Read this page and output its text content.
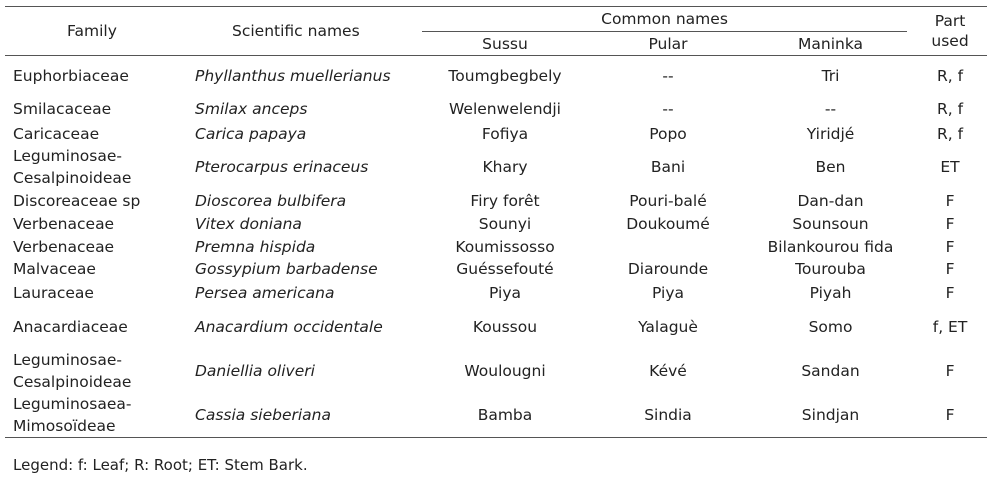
Family	Scientific names	Common names			Part
used

		Sussu	Pular	Maninka	

Euphorbiaceae	Phyllanthus muellerianus	Toumgbegbely	--	Tri	R, f

Smilacaceae	Smilax anceps	Welenwelendji	--	--	R, f

Caricaceae	Carica papaya	Fofiya	Popo	Yiridjé	R, f

Leguminosae-
Cesalpinoideae	Pterocarpus erinaceus	Khary	Bani	Ben	ET

Discoreaceae sp	Dioscorea bulbifera	Firy forêt	Pouri-balé	Dan-dan	F

Verbenaceae	Vitex doniana	Sounyi	Doukoumé	Sounsoun	F

Verbenaceae	Premna hispida	Koumissosso		Bilankourou fida	F

Malvaceae	Gossypium barbadense	Guéssefouté	Diarounde	Tourouba	F

Lauraceae	Persea americana	Piya	Piya	Piyah	F

Anacardiaceae	Anacardium occidentale	Koussou	Yalaguè	Somo	f, ET

Leguminosae-
Cesalpinoideae	Daniellia oliveri	Woulougni	Kévé	Sandan	F

Leguminosaea-
Mimosoïdeae	Cassia sieberiana	Bamba	Sindia	Sindjan	F
Legend: f: Leaf; R: Root; ET: Stem Bark.
